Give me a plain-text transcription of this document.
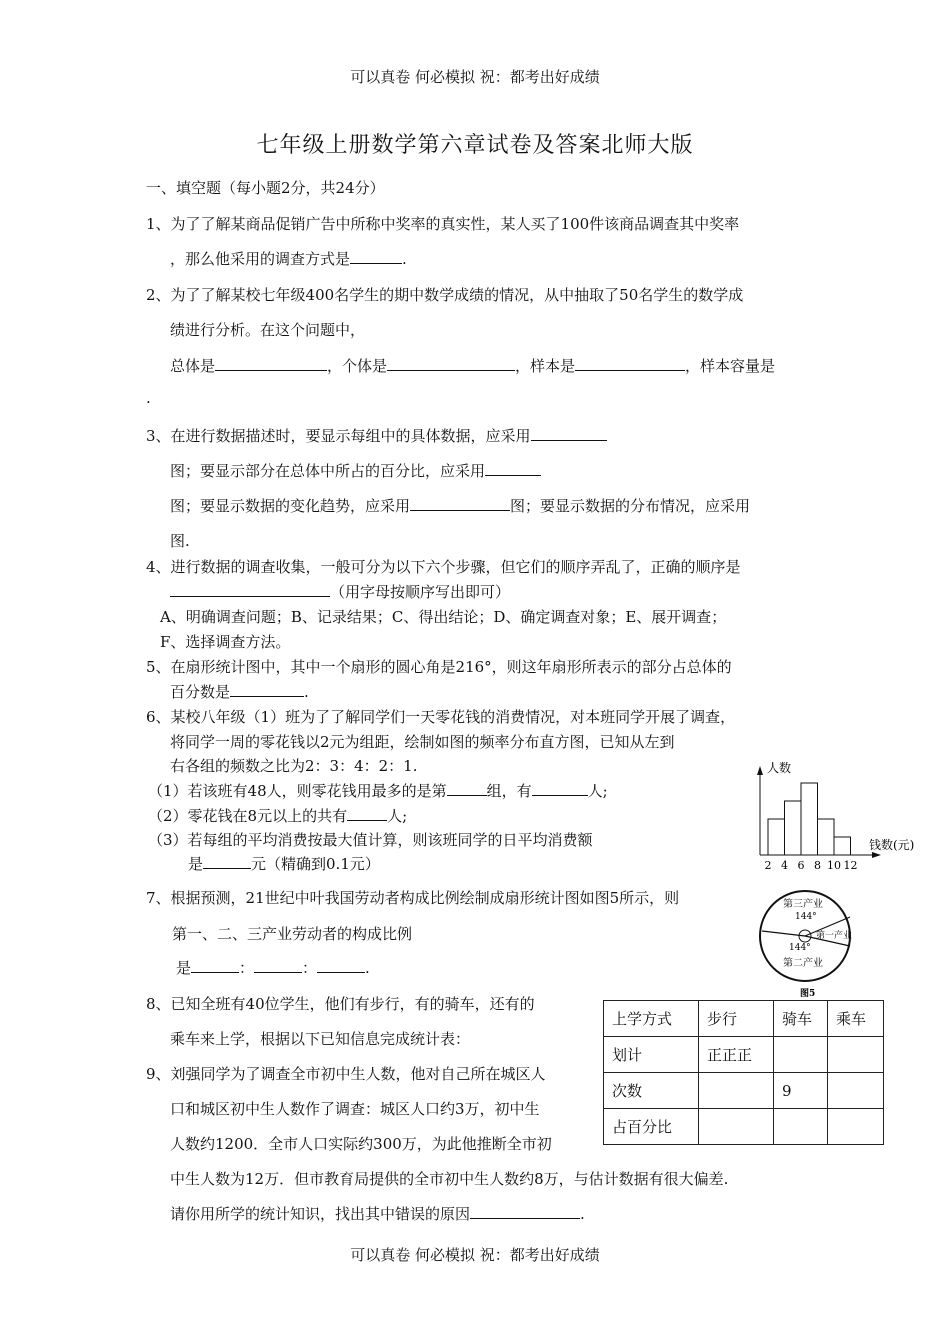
可以真卷 何必模拟 祝：都考出好成绩
七年级上册数学第六章试卷及答案北师大版
一、填空题（每小题2分，共24分）
1、为了了解某商品促销广告中所称中奖率的真实性，某人买了100件该商品调查其中奖率
，那么他采用的调查方式是	.
2、为了了解某校七年级400名学生的期中数学成绩的情况，从中抽取了50名学生的数学成
绩进行分析。在这个问题中，
总体是	，个体是	，样本是	，样本容量是
.
3、在进行数据描述时，要显示每组中的具体数据，应采用
图；要显示部分在总体中所占的百分比，应采用
图；要显示数据的变化趋势，应采用	图；要显示数据的分布情况，应采用
图.
4、进行数据的调查收集，一般可分为以下六个步骤，但它们的顺序弄乱了，正确的顺序是
（用字母按顺序写出即可）
A、明确调查问题；B、记录结果；C、得出结论；D、确定调查对象；E、展开调查；
F、选择调查方法。
5、在扇形统计图中，其中一个扇形的圆心角是216°，则这年扇形所表示的部分占总体的
百分数是	.
6、某校八年级（1）班为了了解同学们一天零花钱的消费情况，对本班同学开展了调查，
将同学一周的零花钱以2元为组距，绘制如图的频率分布直方图，已知从左到
右各组的频数之比为2：3：4：2：1.
（1）若该班有48人，则零花钱用最多的是第	组，有	人;
（2）零花钱在8元以上的共有	人;
（3）若每组的平均消费按最大值计算，则该班同学的日平均消费额
是	元（精确到0.1元）
人数
钱数(元)
2 4 6 8 10 12
7、根据预测，21世纪中叶我国劳动者构成比例绘制成扇形统计图如图5所示，则
第一、二、三产业劳动者的构成比例
是	：	：	.
第三产业
144°
第一产业
144°
第二产业
图5
8、已知全班有40位学生，他们有步行，有的骑车，还有的
乘车来上学，根据以下已知信息完成统计表：
上学方式	步行	骑车	乘车
划计	正正正		
次数		9	
占百分比			
9、刘强同学为了调查全市初中生人数，他对自己所在城区人
口和城区初中生人数作了调查：城区人口约3万，初中生
人数约1200．全市人口实际约300万，为此他推断全市初
中生人数为12万．但市教育局提供的全市初中生人数约8万，与估计数据有很大偏差.
请你用所学的统计知识，找出其中错误的原因	.
可以真卷 何必模拟 祝：都考出好成绩
